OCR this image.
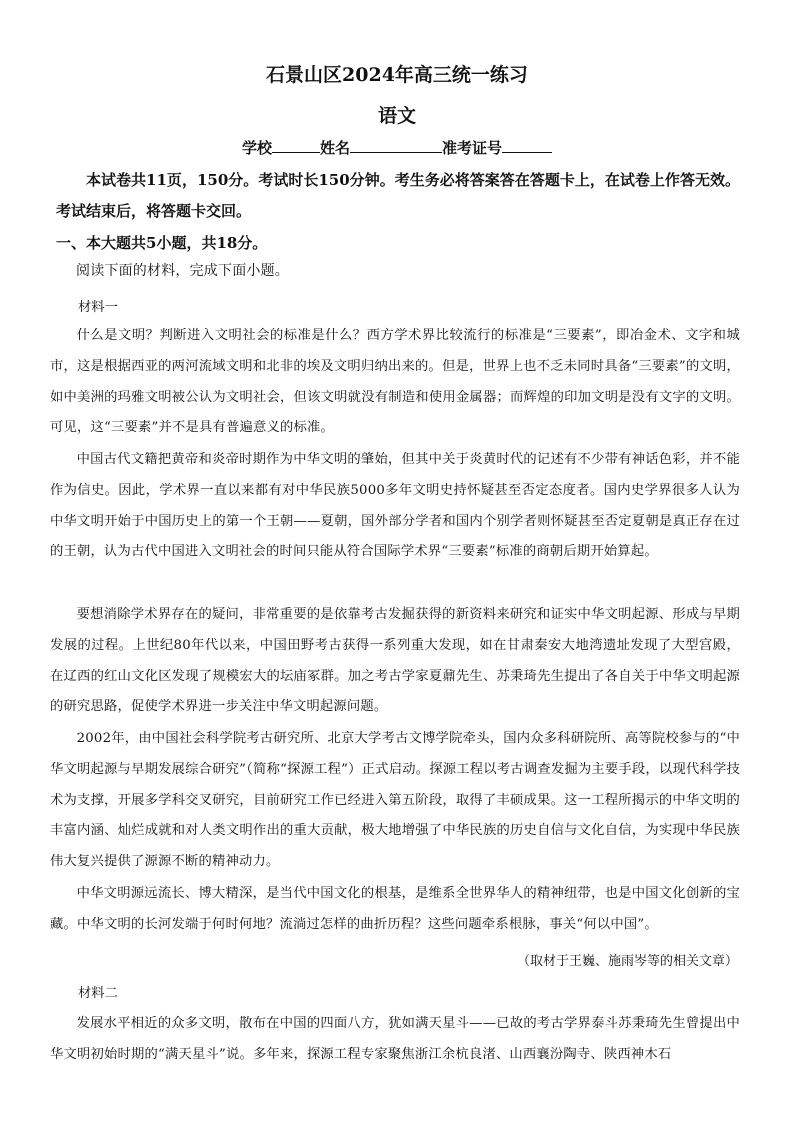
石景山区2024年高三统一练习
语文
学校	姓名	准考证号
本试卷共11页，150分。考试时长150分钟。考生务必将答案答在答题卡上，在试卷上作答无效。考试结束后，将答题卡交回。
一、本大题共5小题，共18分。
阅读下面的材料，完成下面小题。
材料一
什么是文明？判断进入文明社会的标准是什么？西方学术界比较流行的标准是“三要素”，即冶金术、文字和城市，这是根据西亚的两河流域文明和北非的埃及文明归纳出来的。但是，世界上也不乏未同时具备“三要素”的文明，如中美洲的玛雅文明被公认为文明社会，但该文明就没有制造和使用金属器；而辉煌的印加文明是没有文字的文明。可见，这“三要素”并不是具有普遍意义的标准。
中国古代文籍把黄帝和炎帝时期作为中华文明的肇始，但其中关于炎黄时代的记述有不少带有神话色彩，并不能作为信史。因此，学术界一直以来都有对中华民族5000多年文明史持怀疑甚至否定态度者。国内史学界很多人认为中华文明开始于中国历史上的第一个王朝——夏朝，国外部分学者和国内个别学者则怀疑甚至否定夏朝是真正存在过的王朝，认为古代中国进入文明社会的时间只能从符合国际学术界“三要素”标准的商朝后期开始算起。
要想消除学术界存在的疑问，非常重要的是依靠考古发掘获得的新资料来研究和证实中华文明起源、形成与早期发展的过程。上世纪80年代以来，中国田野考古获得一系列重大发现，如在甘肃秦安大地湾遗址发现了大型宫殿，在辽西的红山文化区发现了规模宏大的坛庙冢群。加之考古学家夏鼐先生、苏秉琦先生提出了各自关于中华文明起源的研究思路，促使学术界进一步关注中华文明起源问题。
2002年，由中国社会科学院考古研究所、北京大学考古文博学院牵头，国内众多科研院所、高等院校参与的“中华文明起源与早期发展综合研究”（简称“探源工程”）正式启动。探源工程以考古调查发掘为主要手段，以现代科学技术为支撑，开展多学科交叉研究，目前研究工作已经进入第五阶段，取得了丰硕成果。这一工程所揭示的中华文明的丰富内涵、灿烂成就和对人类文明作出的重大贡献，极大地增强了中华民族的历史自信与文化自信，为实现中华民族伟大复兴提供了源源不断的精神动力。
中华文明源远流长、博大精深，是当代中国文化的根基，是维系全世界华人的精神纽带，也是中国文化创新的宝藏。中华文明的长河发端于何时何地？流淌过怎样的曲折历程？这些问题牵系根脉，事关“何以中国”。
（取材于王巍、施雨岑等的相关文章）
材料二
发展水平相近的众多文明，散布在中国的四面八方，犹如满天星斗——已故的考古学界泰斗苏秉琦先生曾提出中华文明初始时期的“满天星斗”说。多年来，探源工程专家聚焦浙江余杭良渚、山西襄汾陶寺、陕西神木石
